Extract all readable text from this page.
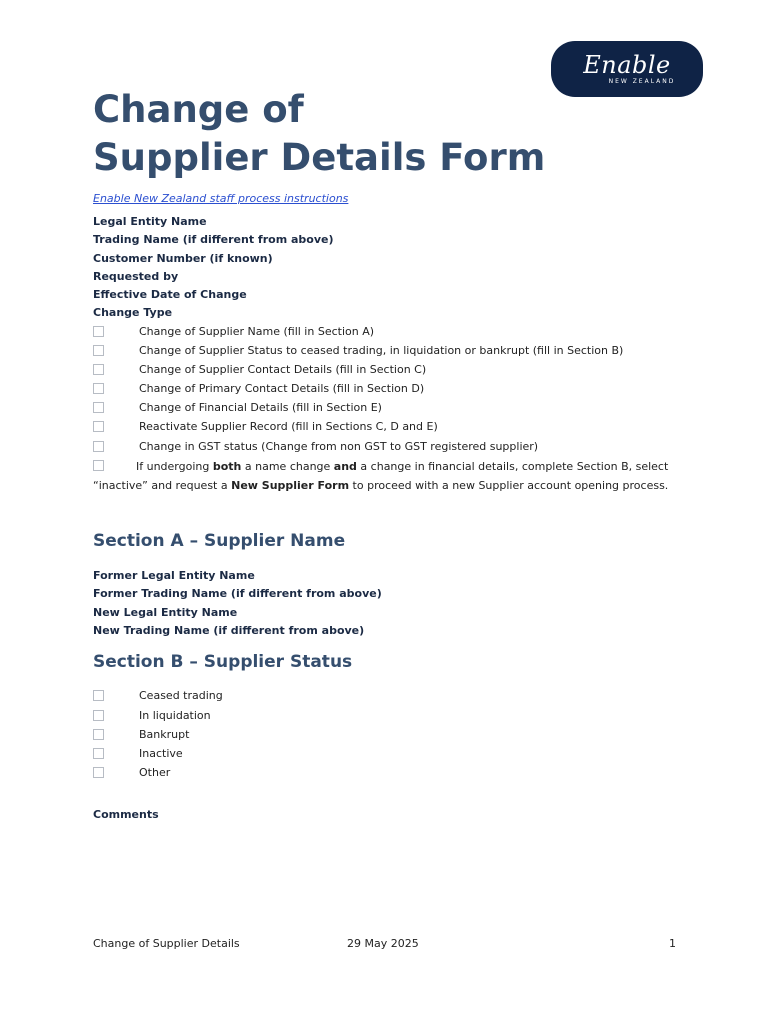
Enable
NEW ZEALAND
Change of
Supplier Details Form
Enable New Zealand staff process instructions
Legal Entity Name
Trading Name (if different from above)
Customer Number (if known)
Requested by
Effective Date of Change
Change Type
Change of Supplier Name (fill in Section A)
Change of Supplier Status to ceased trading, in liquidation or bankrupt (fill in Section B)
Change of Supplier Contact Details (fill in Section C)
Change of Primary Contact Details (fill in Section D)
Change of Financial Details (fill in Section E)
Reactivate Supplier Record (fill in Sections C, D and E)
Change in GST status (Change from non GST to GST registered supplier)

If undergoing both a name change and a change in financial details, complete Section B, select “inactive” and request a New Supplier Form to proceed with a new Supplier account opening process.

Section A – Supplier Name
Former Legal Entity Name
Former Trading Name (if different from above)
New Legal Entity Name
New Trading Name (if different from above)
Section B – Supplier Status
Ceased trading
In liquidation
Bankrupt
Inactive
Other
Comments
Change of Supplier Details	29 May 2025	1
